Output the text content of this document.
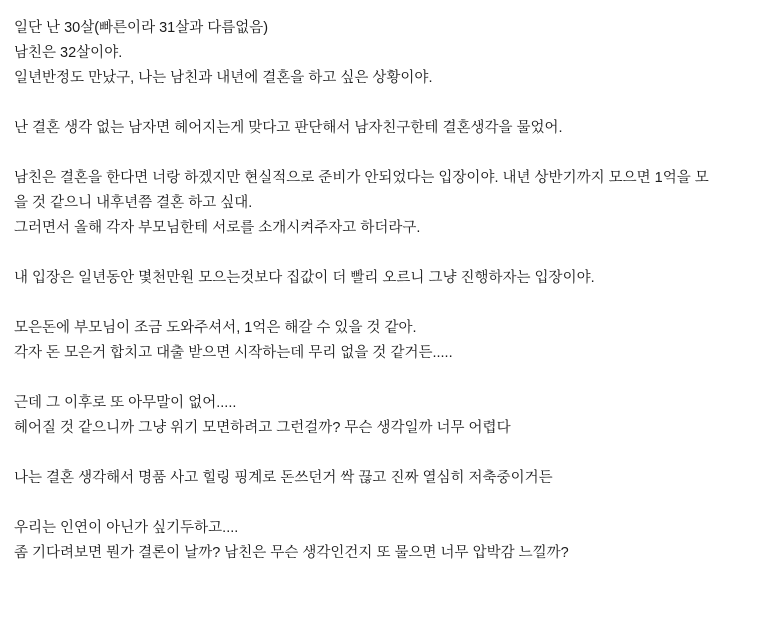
일단 난 30살(빠른이라 31살과 다름없음)
남친은 32살이야.
일년반정도 만났구, 나는 남친과 내년에 결혼을 하고 싶은 상황이야.
난 결혼 생각 없는 남자면 헤어지는게 맞다고 판단해서 남자친구한테 결혼생각을 물었어.
남친은 결혼을 한다면 너랑 하겠지만 현실적으로 준비가 안되었다는 입장이야. 내년 상반기까지 모으면 1억을 모
을 것 같으니 내후년쯤 결혼 하고 싶대.
그러면서 올해 각자 부모님한테 서로를 소개시켜주자고 하더라구.
내 입장은 일년동안 몇천만원 모으는것보다 집값이 더 빨리 오르니 그냥 진행하자는 입장이야.
모은돈에 부모님이 조금 도와주셔서, 1억은 해갈 수 있을 것 같아.
각자 돈 모은거 합치고 대출 받으면 시작하는데 무리 없을 것 같거든.....
근데 그 이후로 또 아무말이 없어.....
헤어질 것 같으니까 그냥 위기 모면하려고 그런걸까? 무슨 생각일까 너무 어렵다
나는 결혼 생각해서 명품 사고 힐링 핑계로 돈쓰던거 싹 끊고 진짜 열심히 저축중이거든
우리는 인연이 아닌가 싶기두하고....
좀 기다려보면 뭔가 결론이 날까? 남친은 무슨 생각인건지 또 물으면 너무 압박감 느낄까?
